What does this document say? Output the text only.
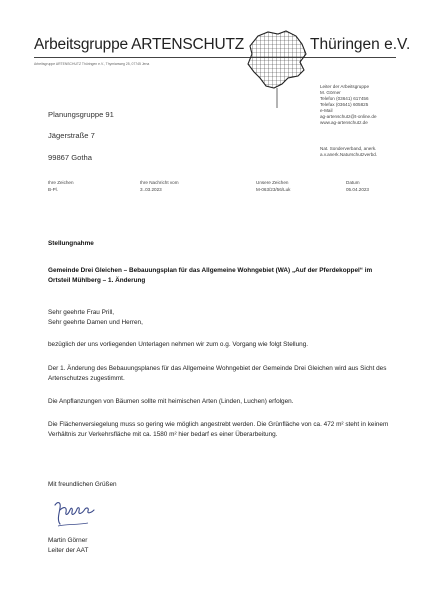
Arbeitsgruppe ARTENSCHUTZ	Thüringen e.V.
Arbeitsgruppe ARTENSCHUTZ Thüringen e.V., Thymianweg 25, 07745 Jena
Leiter der Arbeitsgruppe
M. Görner
Telefon (03641) 617456
Telefax (03641) 605825
e-Mail
ag-artenschutz@t-online.de
www.ag-artenschutz.de
Nat. Sonderverband, anerk.
a.v.anerk.Naturschutzverbd.
Planungsgruppe 91
Jägerstraße 7
99867 Gotha
Ihre Zeichen	Ihre Nachricht vom	Unsere Zeichen	Datum
B-Pl.	3..03.2023	M-063/23/56/Luk	05.04.2023
Stellungnahme
Gemeinde Drei Gleichen – Bebauungsplan für das Allgemeine Wohngebiet (WA) „Auf der Pferdekoppel“ im Ortsteil Mühlberg – 1. Änderung
Sehr geehrte Frau Prill,
Sehr geehrte Damen und Herren,
bezüglich der uns vorliegenden Unterlagen nehmen wir zum o.g. Vorgang wie folgt Stellung.
Der 1. Änderung des Bebauungsplanes für das Allgemeine Wohngebiet der Gemeinde Drei Gleichen wird aus Sicht des Artenschutzes zugestimmt.
Die Anpflanzungen von Bäumen sollte mit heimischen Arten (Linden, Luchen) erfolgen.
Die Flächenversiegelung muss so gering wie möglich angestrebt werden. Die Grünfläche von ca. 472 m² steht in keinem Verhältnis zur Verkehrsfläche mit ca. 1580 m² hier bedarf es einer Überarbeitung.
Mit freundlichen Grüßen
Martin Görner
Leiter der AAT
